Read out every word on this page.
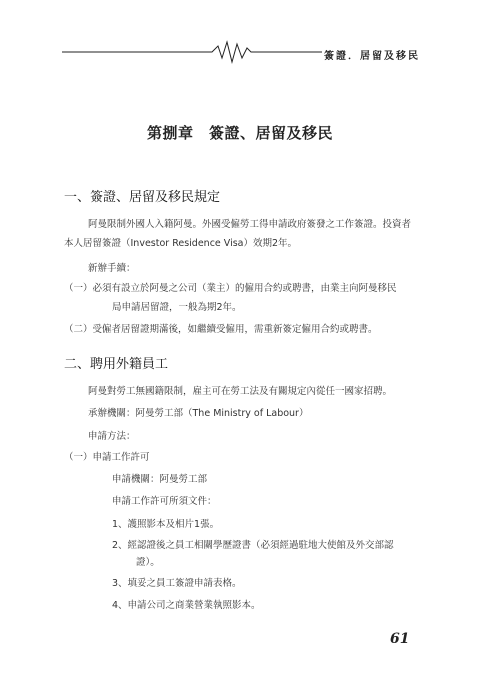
簽證．居留及移民
第捌章　簽證、居留及移民
一、簽證、居留及移民規定
阿曼限制外國人入籍阿曼。外國受僱勞工得申請政府簽發之工作簽證。投資者
本人居留簽證（Investor Residence Visa）效期2年。
新辦手續：
（一）必須有設立於阿曼之公司（業主）的僱用合約或聘書，由業主向阿曼移民
局申請居留證，一般為期2年。
（二）受僱者居留證期滿後，如繼續受僱用，需重新簽定僱用合約或聘書。
二、聘用外籍員工
阿曼對勞工無國籍限制，雇主可在勞工法及有關規定內從任一國家招聘。
承辦機關：阿曼勞工部（The Ministry of Labour）
申請方法：
（一）申請工作許可
申請機關：阿曼勞工部
申請工作許可所須文件：
1、護照影本及相片1張。
2、經認證後之員工相關學歷證書（必須經過駐地大使館及外交部認
證）。
3、填妥之員工簽證申請表格。
4、申請公司之商業營業執照影本。
61
